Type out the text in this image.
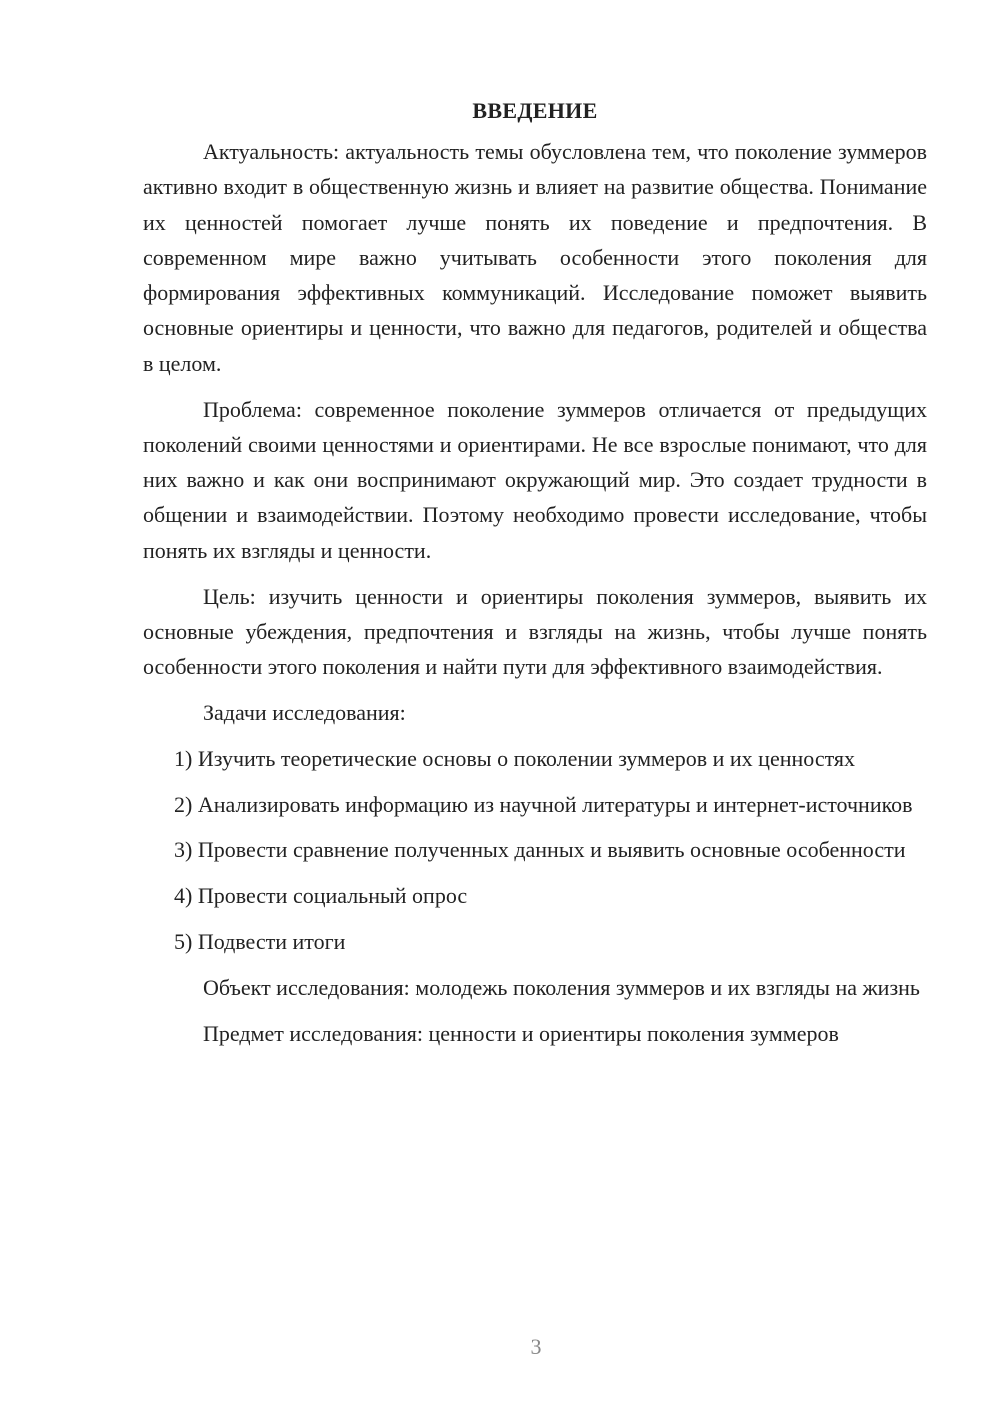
ВВЕДЕНИЕ

Актуальность: актуальность темы обусловлена тем, что поколение зуммеров активно входит в общественную жизнь и влияет на развитие общества. Понимание их ценностей помогает лучше понять их поведение и предпочтения. В современном мире важно учитывать особенности этого поколения для формирования эффективных коммуникаций. Исследование поможет выявить основные ориентиры и ценности, что важно для педагогов, родителей и общества в целом.

Проблема: современное поколение зуммеров отличается от предыдущих поколений своими ценностями и ориентирами. Не все взрослые понимают, что для них важно и как они воспринимают окружающий мир. Это создает трудности в общении и взаимодействии. Поэтому необходимо провести исследование, чтобы понять их взгляды и ценности.

Цель: изучить ценности и ориентиры поколения зуммеров, выявить их основные убеждения, предпочтения и взгляды на жизнь, чтобы лучше понять особенности этого поколения и найти пути для эффективного взаимодействия.

Задачи исследования:

1) Изучить теоретические основы о поколении зуммеров и их ценностях

2) Анализировать информацию из научной литературы и интернет-источников

3) Провести сравнение полученных данных и выявить основные особенности

4) Провести социальный опрос

5) Подвести итоги

Объект исследования: молодежь поколения зуммеров и их взгляды на жизнь

Предмет исследования: ценности и ориентиры поколения зуммеров

3
